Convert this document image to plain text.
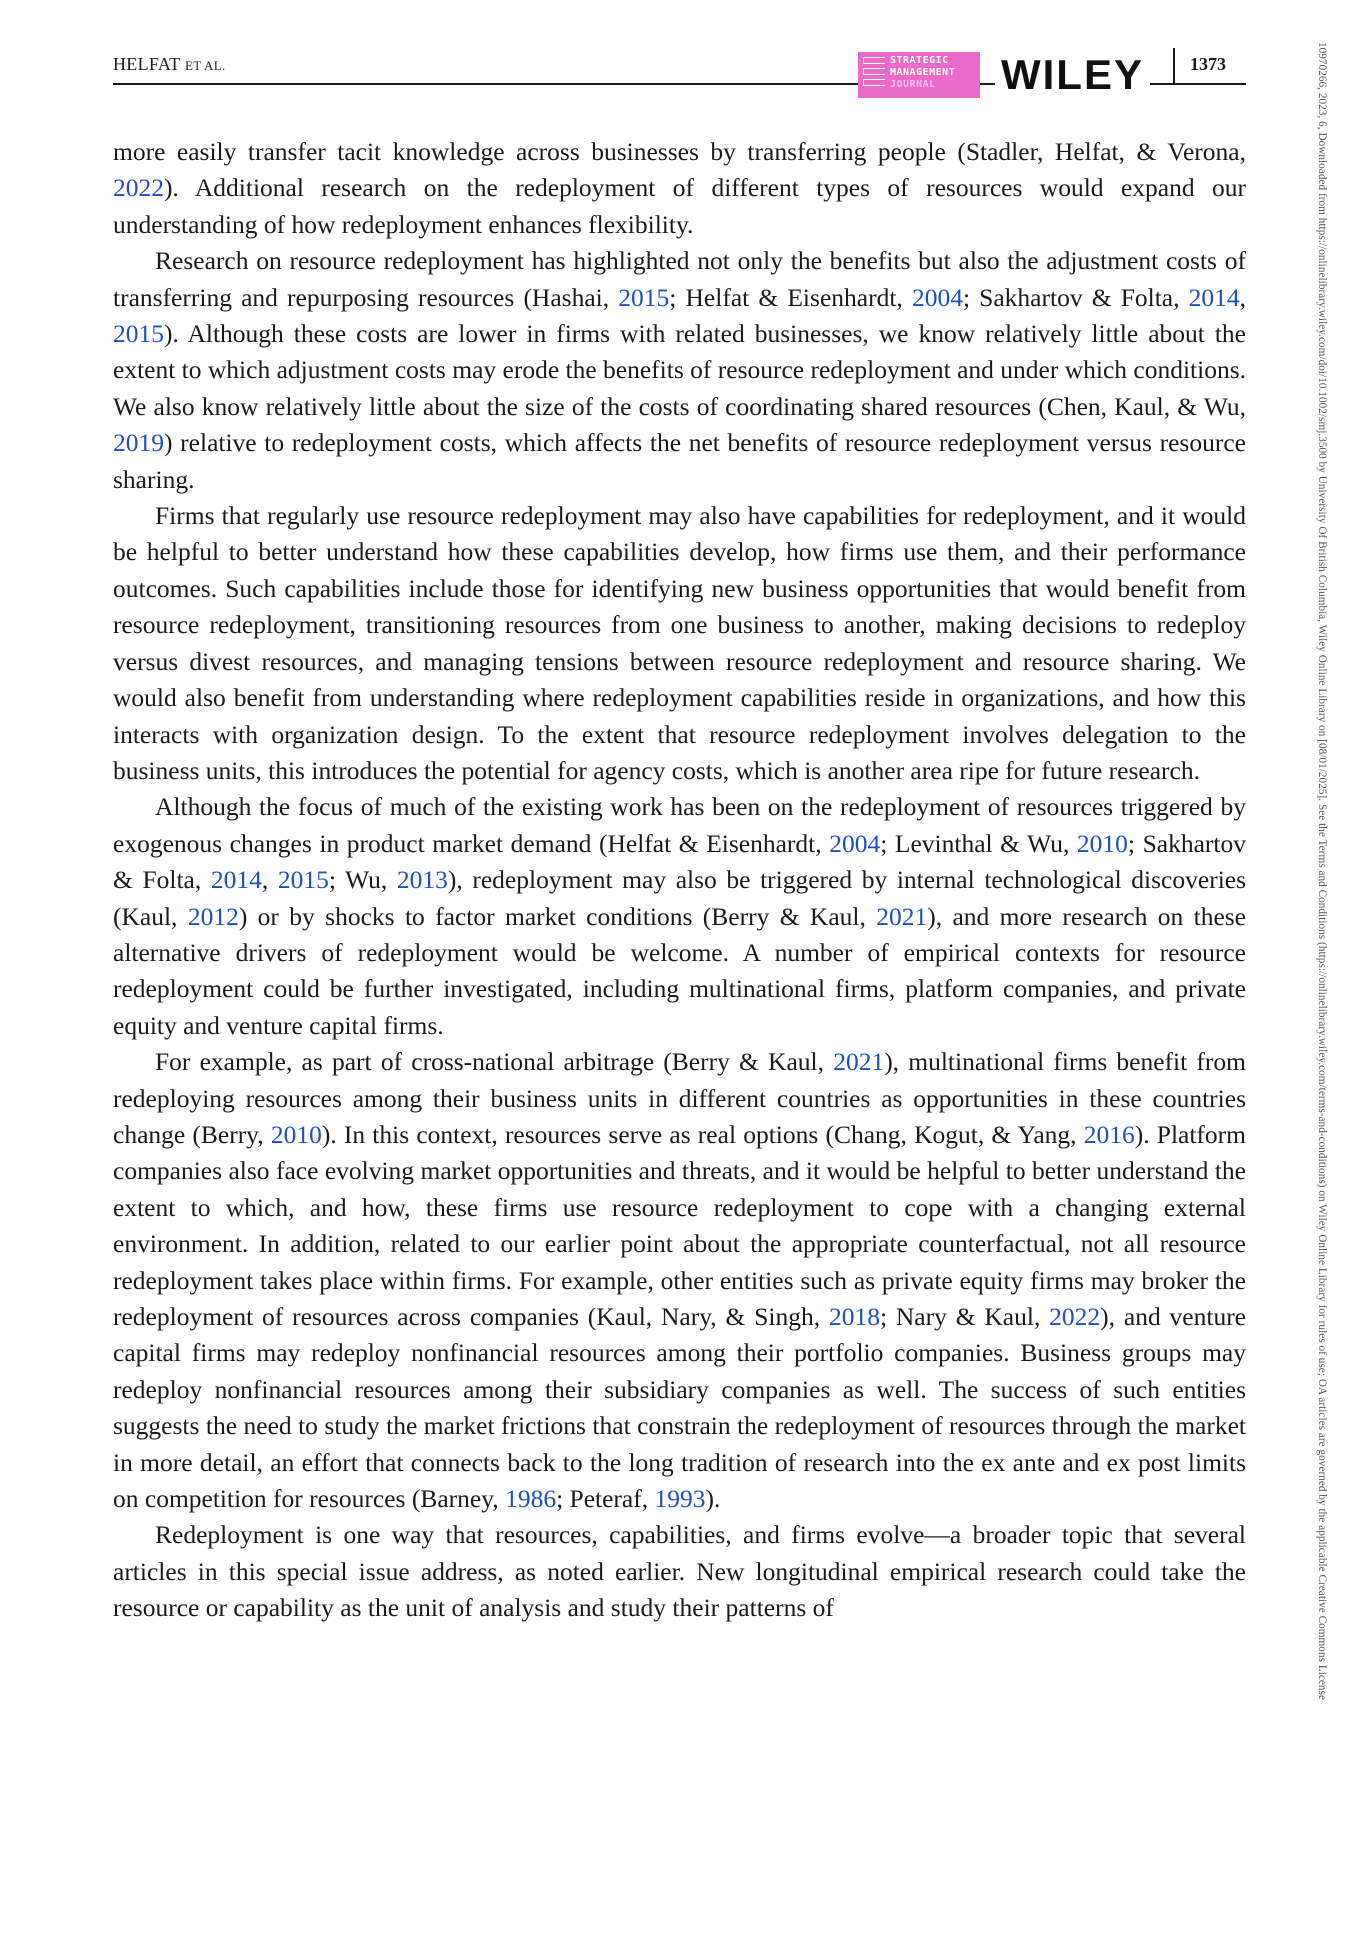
HELFAT ET AL.	STRATEGIC
MANAGEMENT
JOURNAL	WILEY	1373	10970266, 2023, 6, Downloaded from https://onlinelibrary.wiley.com/doi/10.1002/smj.3500 by University Of British Columbia, Wiley Online Library on [08/01/2025]. See the Terms and Conditions (https://onlinelibrary.wiley.com/terms-and-conditions) on Wiley Online Library for rules of use; OA articles are governed by the applicable Creative Commons License

more easily transfer tacit knowledge across businesses by transferring people (Stadler, Helfat, & Verona, 2022). Additional research on the redeployment of different types of resources would expand our understanding of how redeployment enhances flexibility.

Research on resource redeployment has highlighted not only the benefits but also the adjustment costs of transferring and repurposing resources (Hashai, 2015; Helfat & Eisenhardt, 2004; Sakhartov & Folta, 2014, 2015). Although these costs are lower in firms with related businesses, we know relatively little about the extent to which adjustment costs may erode the benefits of resource redeployment and under which conditions. We also know relatively little about the size of the costs of coordinating shared resources (Chen, Kaul, & Wu, 2019) relative to redeployment costs, which affects the net benefits of resource redeployment versus resource sharing.

Firms that regularly use resource redeployment may also have capabilities for redeployment, and it would be helpful to better understand how these capabilities develop, how firms use them, and their performance outcomes. Such capabilities include those for identifying new business opportunities that would benefit from resource redeployment, transitioning resources from one business to another, making decisions to redeploy versus divest resources, and managing tensions between resource redeployment and resource sharing. We would also benefit from understanding where redeployment capabilities reside in organizations, and how this interacts with organization design. To the extent that resource redeployment involves delegation to the business units, this introduces the potential for agency costs, which is another area ripe for future research.

Although the focus of much of the existing work has been on the redeployment of resources triggered by exogenous changes in product market demand (Helfat & Eisenhardt, 2004; Levinthal & Wu, 2010; Sakhartov & Folta, 2014, 2015; Wu, 2013), redeployment may also be triggered by internal technological discoveries (Kaul, 2012) or by shocks to factor market conditions (Berry & Kaul, 2021), and more research on these alternative drivers of redeployment would be welcome. A number of empirical contexts for resource redeployment could be further investigated, including multinational firms, platform companies, and private equity and venture capital firms.

For example, as part of cross-national arbitrage (Berry & Kaul, 2021), multinational firms benefit from redeploying resources among their business units in different countries as opportunities in these countries change (Berry, 2010). In this context, resources serve as real options (Chang, Kogut, & Yang, 2016). Platform companies also face evolving market opportunities and threats, and it would be helpful to better understand the extent to which, and how, these firms use resource redeployment to cope with a changing external environment. In addition, related to our earlier point about the appropriate counterfactual, not all resource redeployment takes place within firms. For example, other entities such as private equity firms may broker the redeployment of resources across companies (Kaul, Nary, & Singh, 2018; Nary & Kaul, 2022), and venture capital firms may redeploy nonfinancial resources among their portfolio companies. Business groups may redeploy nonfinancial resources among their subsidiary companies as well. The success of such entities suggests the need to study the market frictions that constrain the redeployment of resources through the market in more detail, an effort that connects back to the long tradition of research into the ex ante and ex post limits on competition for resources (Barney, 1986; Peteraf, 1993).

Redeployment is one way that resources, capabilities, and firms evolve—a broader topic that several articles in this special issue address, as noted earlier. New longitudinal empirical research could take the resource or capability as the unit of analysis and study their patterns of
